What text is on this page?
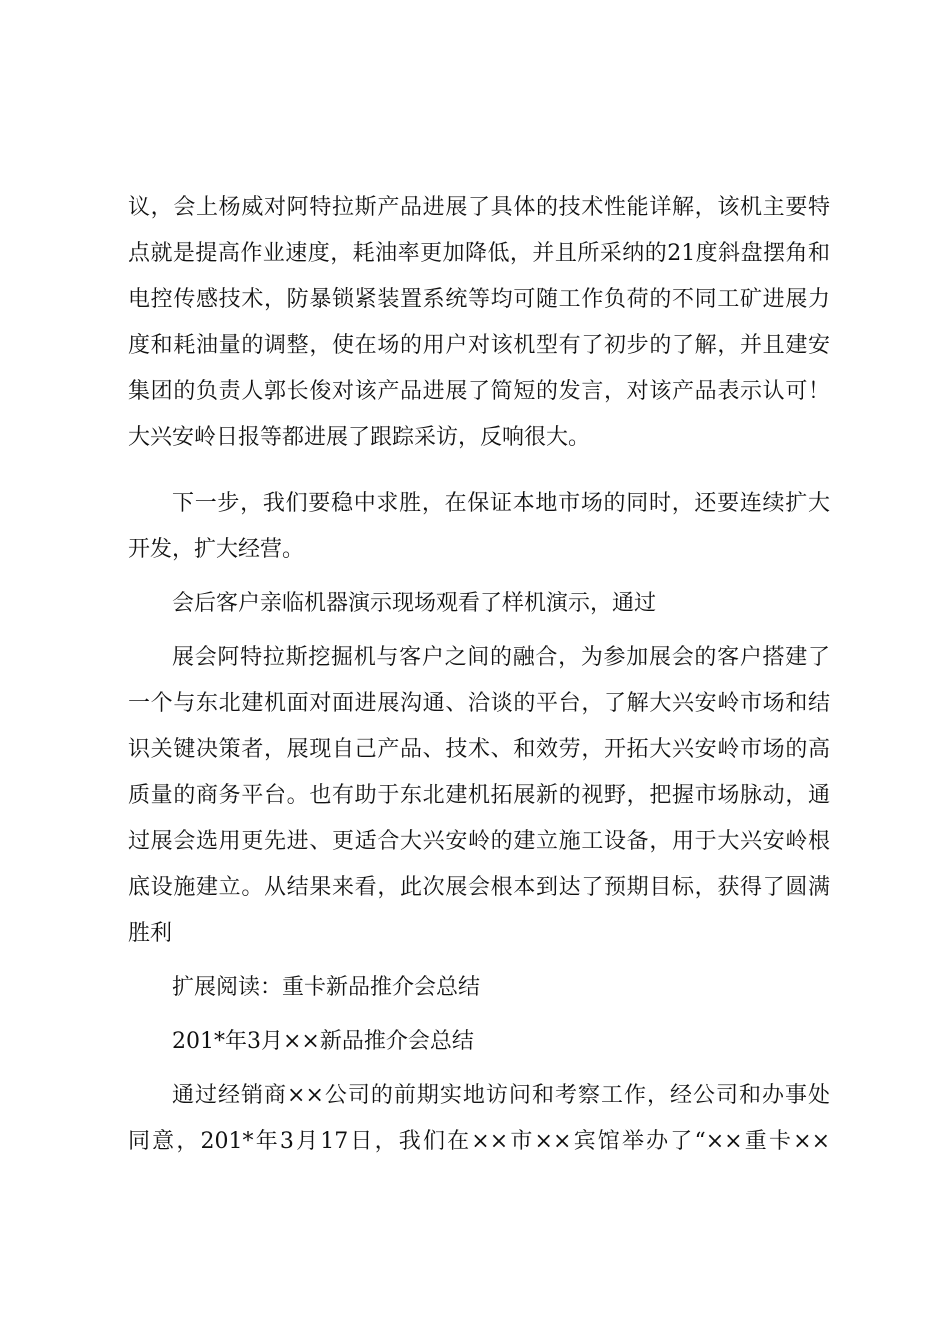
议，会上杨威对阿特拉斯产品进展了具体的技术性能详解，该机主要特
点就是提高作业速度，耗油率更加降低，并且所采纳的21度斜盘摆角和
电控传感技术，防暴锁紧装置系统等均可随工作负荷的不同工矿进展力
度和耗油量的调整，使在场的用户对该机型有了初步的了解，并且建安
集团的负责人郭长俊对该产品进展了简短的发言，对该产品表示认可！
大兴安岭日报等都进展了跟踪采访，反响很大。
下一步，我们要稳中求胜，在保证本地市场的同时，还要连续扩大
开发，扩大经营。
会后客户亲临机器演示现场观看了样机演示，通过
展会阿特拉斯挖掘机与客户之间的融合，为参加展会的客户搭建了
一个与东北建机面对面进展沟通、洽谈的平台，了解大兴安岭市场和结
识关键决策者，展现自己产品、技术、和效劳，开拓大兴安岭市场的高
质量的商务平台。也有助于东北建机拓展新的视野，把握市场脉动，通
过展会选用更先进、更适合大兴安岭的建立施工设备，用于大兴安岭根
底设施建立。从结果来看，此次展会根本到达了预期目标，获得了圆满
胜利
扩展阅读：重卡新品推介会总结
201*年3月××新品推介会总结
通过经销商××公司的前期实地访问和考察工作，经公司和办事处
同意，201*年3月17日，我们在××市××宾馆举办了“××重卡××
